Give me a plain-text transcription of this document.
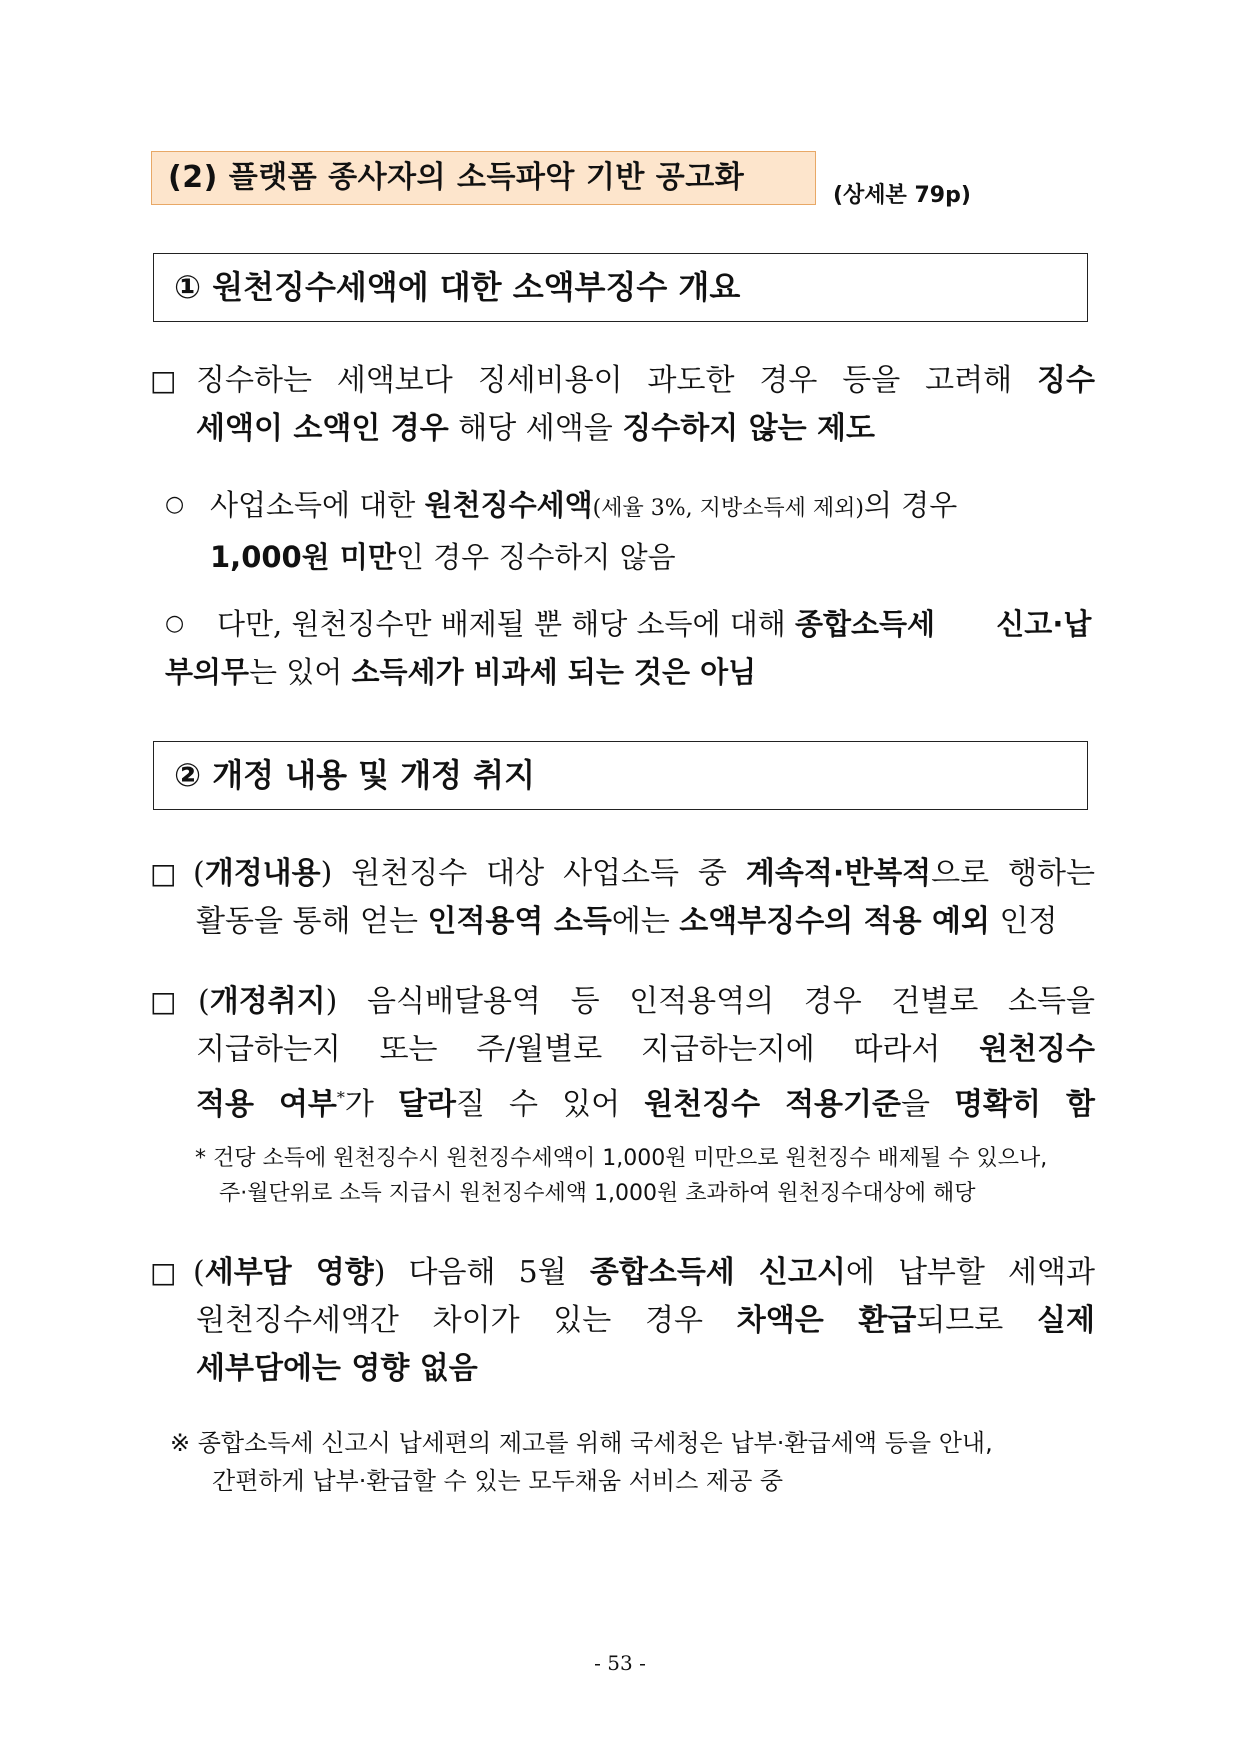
(2) 플랫폼 종사자의 소득파악 기반 공고화
(상세본 79p)
① 원천징수세액에 대한 소액부징수 개요
□ 징수하는 세액보다 징세비용이 과도한 경우 등을 고려해 징수
세액이 소액인 경우 해당 세액을 징수하지 않는 제도
○ 사업소득에 대한 원천징수세액(세율 3%, 지방소득세 제외)의 경우 1,000원 미만인 경우 징수하지 않음
○ 다만, 원천징수만 배제될 뿐 해당 소득에 대해 종합소득세 신고·납부의무는 있어 소득세가 비과세 되는 것은 아님
② 개정 내용 및 개정 취지
□ (개정내용) 원천징수 대상 사업소득 중 계속적·반복적으로 행하는
활동을 통해 얻는 인적용역 소득에는 소액부징수의 적용 예외 인정
□ (개정취지) 음식배달용역 등 인적용역의 경우 건별로 소득을
지급하는지 또는 주/월별로 지급하는지에 따라서 원천징수
적용 여부*가 달라질 수 있어 원천징수 적용기준을 명확히 함
* 건당 소득에 원천징수시 원천징수세액이 1,000원 미만으로 원천징수 배제될 수 있으나,
주·월단위로 소득 지급시 원천징수세액 1,000원 초과하여 원천징수대상에 해당
□ (세부담 영향) 다음해 5월 종합소득세 신고시에 납부할 세액과
원천징수세액간 차이가 있는 경우 차액은 환급되므로 실제
세부담에는 영향 없음
※ 종합소득세 신고시 납세편의 제고를 위해 국세청은 납부·환급세액 등을 안내,
간편하게 납부·환급할 수 있는 모두채움 서비스 제공 중
- 53 -
